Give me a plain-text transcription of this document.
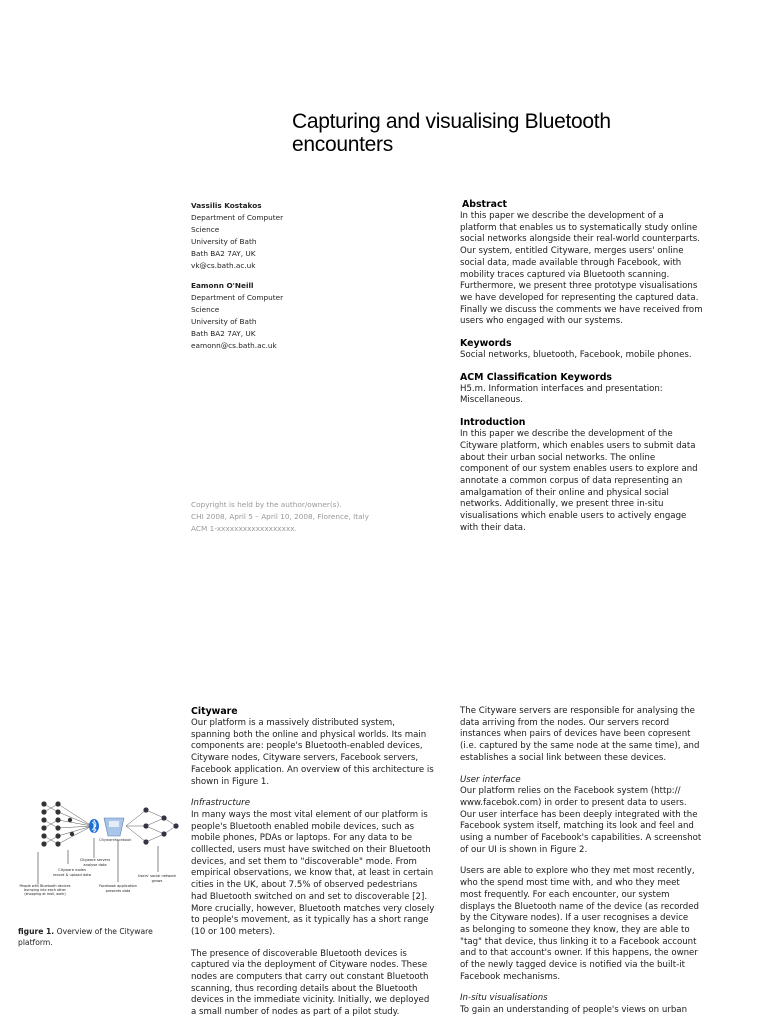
Capturing and visualising Bluetooth
encounters
Vassilis Kostakos
Department of Computer
Science
University of Bath
Bath BA2 7AY, UK
vk@cs.bath.ac.uk
Eamonn O'Neill
Department of Computer
Science
University of Bath
Bath BA2 7AY, UK
eamonn@cs.bath.ac.uk
Copyright is held by the author/owner(s).
CHI 2008, April 5 – April 10, 2008, Florence, Italy
ACM 1-xxxxxxxxxxxxxxxxxx.
Abstract

In this paper we describe the development of a
platform that enables us to systematically study online
social networks alongside their real-world counterparts.
Our system, entitled Cityware, merges users' online
social data, made available through Facebook, with
mobility traces captured via Bluetooth scanning.
Furthermore, we present three prototype visualisations
we have developed for representing the captured data.
Finally we discuss the comments we have received from
users who engaged with our systems.

Keywords

Social networks, bluetooth, Facebook, mobile phones.

ACM Classification Keywords

H5.m. Information interfaces and presentation:
Miscellaneous.

Introduction

In this paper we describe the development of the
Cityware platform, which enables users to submit data
about their urban social networks. The online
component of our system enables users to explore and
annotate a common corpus of data representing an
amalgamation of their online and physical social
networks. Additionally, we present three in-situ
visualisations which enable users to actively engage
with their data.

Cityware

Our platform is a massively distributed system,
spanning both the online and physical worlds. Its main
components are: people's Bluetooth-enabled devices,
Cityware nodes, Cityware servers, Facebook servers,
Facebook application. An overview of this architecture is
shown in Figure 1.

Infrastructure

In many ways the most vital element of our platform is
people's Bluetooth enabled mobile devices, such as
mobile phones, PDAs or laptops. For any data to be
colllected, users must have switched on their Bluetooth
devices, and set them to "discoverable" mode. From
empirical observations, we know that, at least in certain
cities in the UK, about 7.5% of observed pedestrians
had Bluetooth switched on and set to discoverable [2].
More crucially, however, Bluetooth matches very closely
to people's movement, as it typically has a short range
(10 or 100 meters).

The presence of discoverable Bluetooth devices is
captured via the deployment of Cityware nodes. These
nodes are computers that carry out constant Bluetooth
scanning, thus recording details about the Bluetooth
devices in the immediate vicinity. Initially, we deployed
a small number of nodes as part of a pilot study.

The Cityware servers are responsible for analysing the
data arriving from the nodes. Our servers record
instances when pairs of devices have been copresent
(i.e. captured by the same node at the same time), and
establishes a social link between these devices.

User interface

Our platform relies on the Facebook system (http://
www.facebok.com) in order to present data to users.
Our user interface has been deeply integrated with the
Facebook system itself, matching its look and feel and
using a number of Facebook's capabilities. A screenshot
of our UI is shown in Figure 2.

Users are able to explore who they met most recently,
who the spend most time with, and who they meet
most frequently. For each encounter, our system
displays the Bluetooth name of the device (as recorded
by the Cityware nodes). If a user recognises a device
as belonging to someone they know, they are able to
"tag" that device, thus linking it to a Facebook account
and to that account's owner. If this happens, the owner
of the newly tagged device is notified via the built-it
Facebook mechanisms.

In-situ visualisations

To gain an understanding of people's views on urban

Cityware facebook
Cityware nodes
record & upload data
Cityware servers
analyse data
People with Bluetooth devices
bumping into each other
(shopping at mall, work)
Facebook application
presents data
Users' social network
grows
figure 1. Overview of the Cityware
platform.
